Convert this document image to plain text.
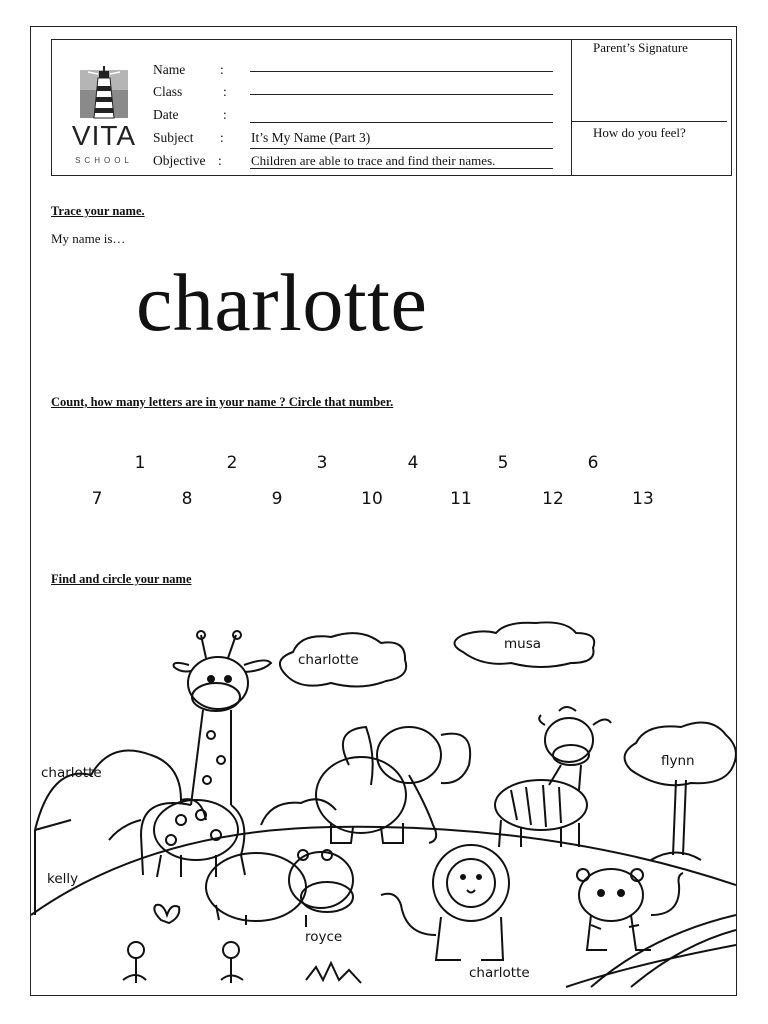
VITA
SCHOOL
Name	:
Class	:
Date	:
Subject : It’s My Name (Part 3)
Objective : Children are able to trace and find their names.
Parent’s Signature
How do you feel?
Trace your name.
My name is…
charlotte
Count, how many letters are in your name ? Circle that number.
1	2	3	4	5	6
7	8	9	10	11	12	13
Find and circle your name
charlotte
musa
charlotte
flynn
kelly
royce
charlotte
